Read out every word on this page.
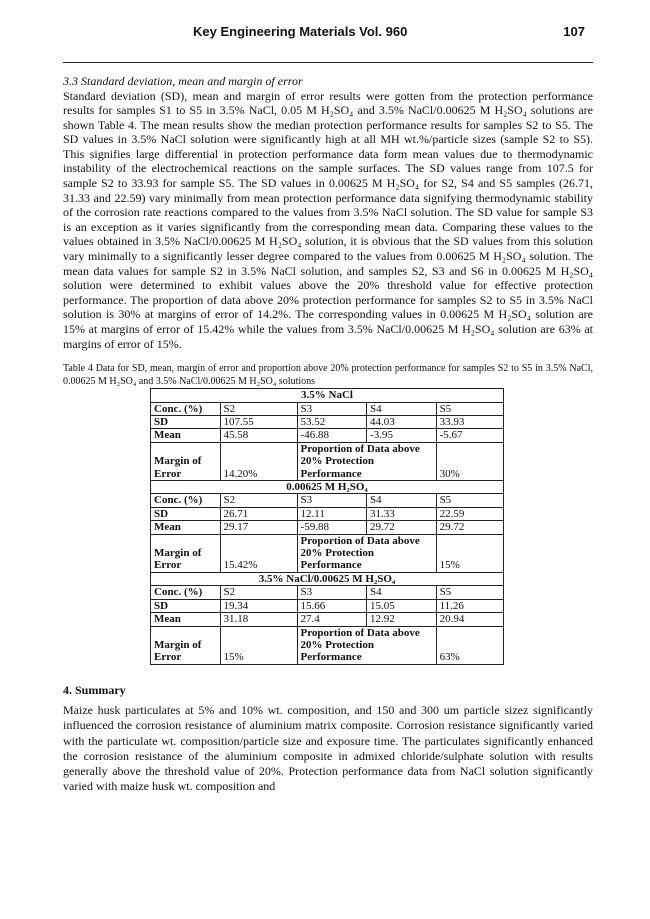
Key Engineering Materials Vol. 960	107

3.3 Standard deviation, mean and margin of error

Standard deviation (SD), mean and margin of error results were gotten from the protection performance results for samples S1 to S5 in 3.5% NaCl, 0.05 M H₂SO₄ and 3.5% NaCl/0.00625 M H₂SO₄ solutions are shown Table 4. The mean results show the median protection performance results for samples S2 to S5. The SD values in 3.5% NaCl solution were significantly high at all MH wt.%/particle sizes (sample S2 to S5). This signifies large differential in protection performance data form mean values due to thermodynamic instability of the electrochemical reactions on the sample surfaces. The SD values range from 107.5 for sample S2 to 33.93 for sample S5. The SD values in 0.00625 M H₂SO₄ for S2, S4 and S5 samples (26.71, 31.33 and 22.59) vary minimally from mean protection performance data signifying thermodynamic stability of the corrosion rate reactions compared to the values from 3.5% NaCl solution. The SD value for sample S3 is an exception as it varies significantly from the corresponding mean data. Comparing these values to the values obtained in 3.5% NaCl/0.00625 M H₂SO₄ solution, it is obvious that the SD values from this solution vary minimally to a significantly lesser degree compared to the values from 0.00625 M H₂SO₄ solution. The mean data values for sample S2 in 3.5% NaCl solution, and samples S2, S3 and S6 in 0.00625 M H₂SO₄ solution were determined to exhibit values above the 20% threshold value for effective protection performance. The proportion of data above 20% protection performance for samples S2 to S5 in 3.5% NaCl solution is 30% at margins of error of 14.2%. The corresponding values in 0.00625 M H₂SO₄ solution are 15% at margins of error of 15.42% while the values from 3.5% NaCl/0.00625 M H₂SO₄ solution are 63% at margins of error of 15%.

Table 4 Data for SD, mean, margin of error and proportion above 20% protection performance for samples S2 to S5 in 3.5% NaCl, 0.00625 M H₂SO₄ and 3.5% NaCl/0.00625 M H₂SO₄ solutions

3.5% NaCl				
Conc. (%)	S2	S3	S4	S5
SD	107.55	53.52	44.03	33.93
Mean	45.58	-46.88	-3.95	-5.67
Margin of Error	14.20%	Proportion of Data above 20% Protection Performance		30%
0.00625 M H₂SO₄				
Conc. (%)	S2	S3	S4	S5
SD	26.71	12.11	31.33	22.59
Mean	29.17	-59.88	29.72	29.72
Margin of Error	15.42%	Proportion of Data above 20% Protection Performance		15%
3.5% NaCl/0.00625 M H₂SO₄				
Conc. (%)	S2	S3	S4	S5
SD	19.34	15.66	15.05	11.26
Mean	31.18	27.4	12.92	20.94
Margin of Error	15%	Proportion of Data above 20% Protection Performance		63%

4. Summary

Maize husk particulates at 5% and 10% wt. composition, and 150 and 300 um particle sizez significantly influenced the corrosion resistance of aluminium matrix composite. Corrosion resistance significantly varied with the particulate wt. composition/particle size and exposure time. The particulates significantly enhanced the corrosion resistance of the aluminium composite in admixed chloride/sulphate solution with results generally above the threshold value of 20%. Protection performance data from NaCl solution significantly varied with maize husk wt. composition and
